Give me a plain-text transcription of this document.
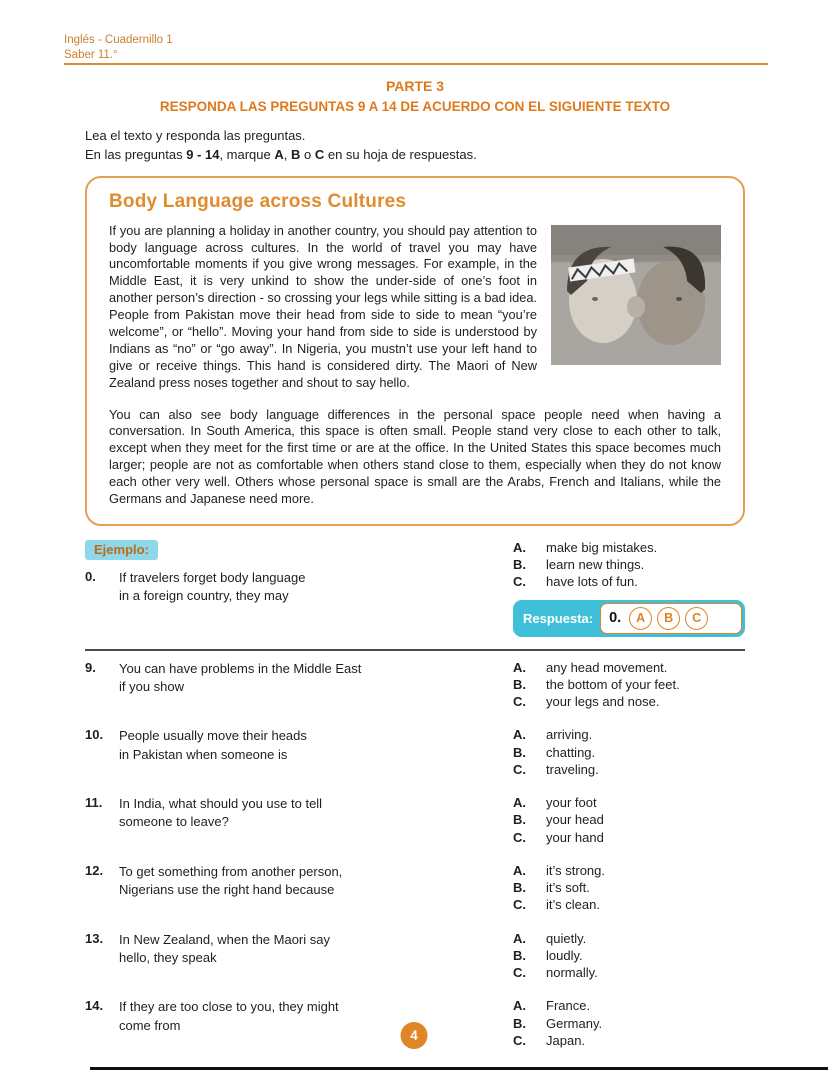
Inglés - Cuadernillo 1
Saber 11.°
PARTE 3
RESPONDA LAS PREGUNTAS 9 A 14 DE ACUERDO CON EL SIGUIENTE TEXTO
Lea el texto y responda las preguntas.
En las preguntas 9 - 14, marque A, B o C en su hoja de respuestas.
Body Language across Cultures

If you are planning a holiday in another country, you should pay attention to body language across cultures. In the world of travel you may have uncomfortable moments if you give wrong messages. For example, in the Middle East, it is very unkind to show the under-side of one’s foot in another person’s direction - so crossing your legs while sitting is a bad idea. People from Pakistan move their head from side to side to mean “you’re welcome”, or “hello”. Moving your hand from side to side is understood by Indians as “no” or “go away”. In Nigeria, you mustn’t use your left hand to give or receive things. This hand is considered dirty. The Maori of New Zealand press noses together and shout to say hello.

You can also see body language differences in the personal space people need when having a conversation. In South America, this space is often small. People stand very close to each other to talk, except when they meet for the first time or are at the office. In the United States this space becomes much larger; people are not as comfortable when others stand close to them, especially when they do not know each other very well. Others whose personal space is small are the Arabs, French and Italians, while the Germans and Japanese need more.

Ejemplo:
0.	If travelers forget body language
in a foreign country, they may
A.	make big mistakes.
B.	learn new things.
C.	have lots of fun.
Respuesta:	0.	A	B	C
9.	You can have problems in the Middle East
if you show
A.	any head movement.
B.	the bottom of your feet.
C.	your legs and nose.
10.	People usually move their heads
in Pakistan when someone is
A.	arriving.
B.	chatting.
C.	traveling.
11.	In India, what should you use to tell
someone to leave?
A.	your foot
B.	your head
C.	your hand
12.	To get something from another person,
Nigerians use the right hand because
A.	it’s strong.
B.	it’s soft.
C.	it’s clean.
13.	In New Zealand, when the Maori say
hello, they speak
A.	quietly.
B.	loudly.
C.	normally.
14.	If they are too close to you, they might
come from
A.	France.
B.	Germany.
C.	Japan.
4
